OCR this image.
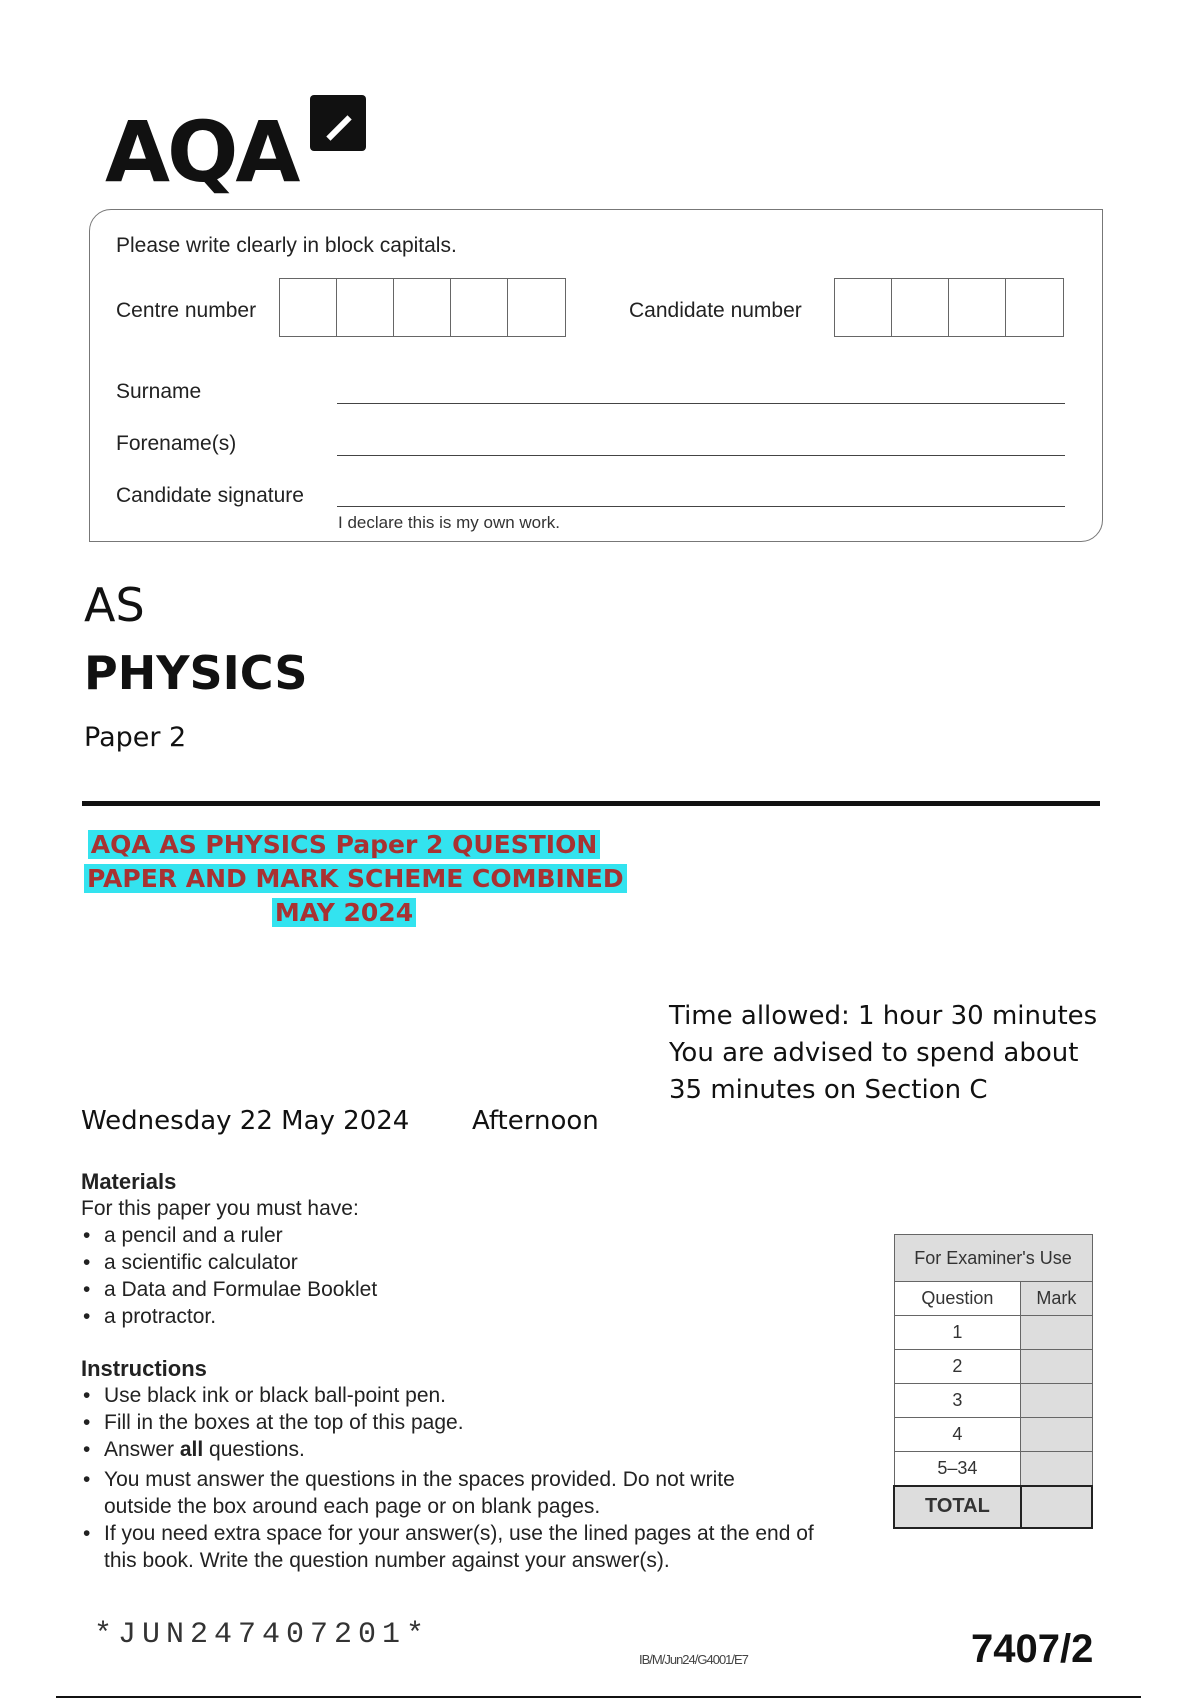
AQA
Please write clearly in block capitals.
Centre number	Candidate number
Surname
Forename(s)
Candidate signature
I declare this is my own work.
AS
PHYSICS
Paper 2
AQA AS PHYSICS Paper 2 QUESTION
PAPER AND MARK SCHEME COMBINED
MAY 2024
Time allowed: 1 hour 30 minutes
You are advised to spend about
35 minutes on Section C
Wednesday 22 May 2024 Afternoon
Materials
For this paper you must have:
• a pencil and a ruler
• a scientific calculator
• a Data and Formulae Booklet
• a protractor.
Instructions
• Use black ink or black ball-point pen.
• Fill in the boxes at the top of this page.
• Answer all questions.
• You must answer the questions in the spaces provided. Do not write
outside the box around each page or on blank pages.
• If you need extra space for your answer(s), use the lined pages at the end of
this book. Write the question number against your answer(s).
For Examiner's Use	
Question	Mark
1	
2	
3	
4	
5–34	
TOTAL	
*JUN247407201*
IB/M/Jun24/G4001/E7	7407/2
